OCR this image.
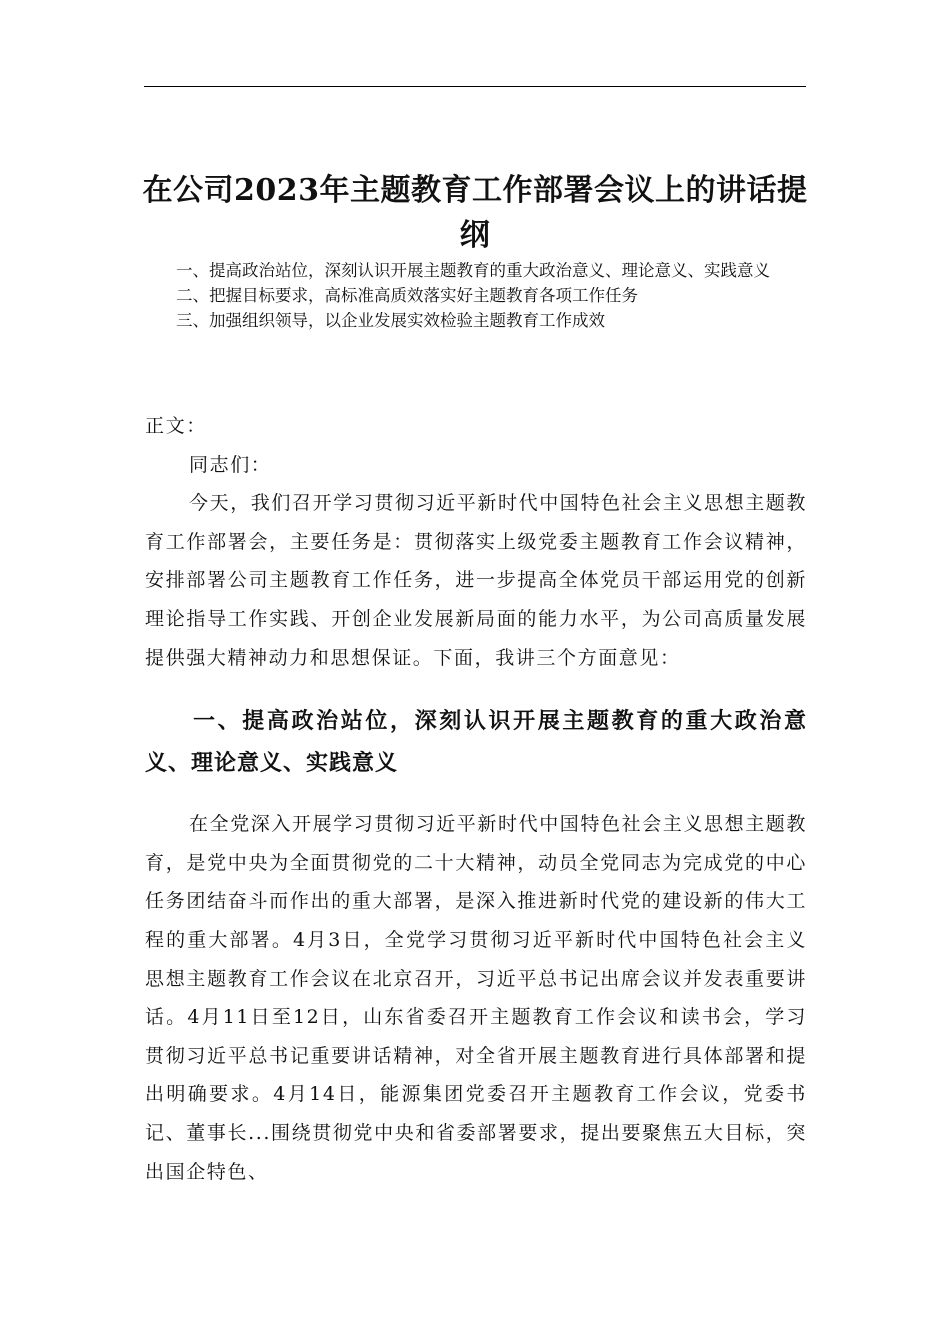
在公司2023年主题教育工作部署会议上的讲话提纲
一、提高政治站位，深刻认识开展主题教育的重大政治意义、理论意义、实践意义
二、把握目标要求，高标准高质效落实好主题教育各项工作任务
三、加强组织领导，以企业发展实效检验主题教育工作成效

正文：

同志们：

今天，我们召开学习贯彻习近平新时代中国特色社会主义思想主题教育工作部署会，主要任务是：贯彻落实上级党委主题教育工作会议精神，安排部署公司主题教育工作任务，进一步提高全体党员干部运用党的创新理论指导工作实践、开创企业发展新局面的能力水平，为公司高质量发展提供强大精神动力和思想保证。下面，我讲三个方面意见：

一、提高政治站位，深刻认识开展主题教育的重大政治意义、理论意义、实践意义

在全党深入开展学习贯彻习近平新时代中国特色社会主义思想主题教育，是党中央为全面贯彻党的二十大精神，动员全党同志为完成党的中心任务团结奋斗而作出的重大部署，是深入推进新时代党的建设新的伟大工程的重大部署。4月3日，全党学习贯彻习近平新时代中国特色社会主义思想主题教育工作会议在北京召开，习近平总书记出席会议并发表重要讲话。4月11日至12日，山东省委召开主题教育工作会议和读书会，学习贯彻习近平总书记重要讲话精神，对全省开展主题教育进行具体部署和提出明确要求。4月14日，能源集团党委召开主题教育工作会议，党委书记、董事长...围绕贯彻党中央和省委部署要求，提出要聚焦五大目标，突出国企特色、
